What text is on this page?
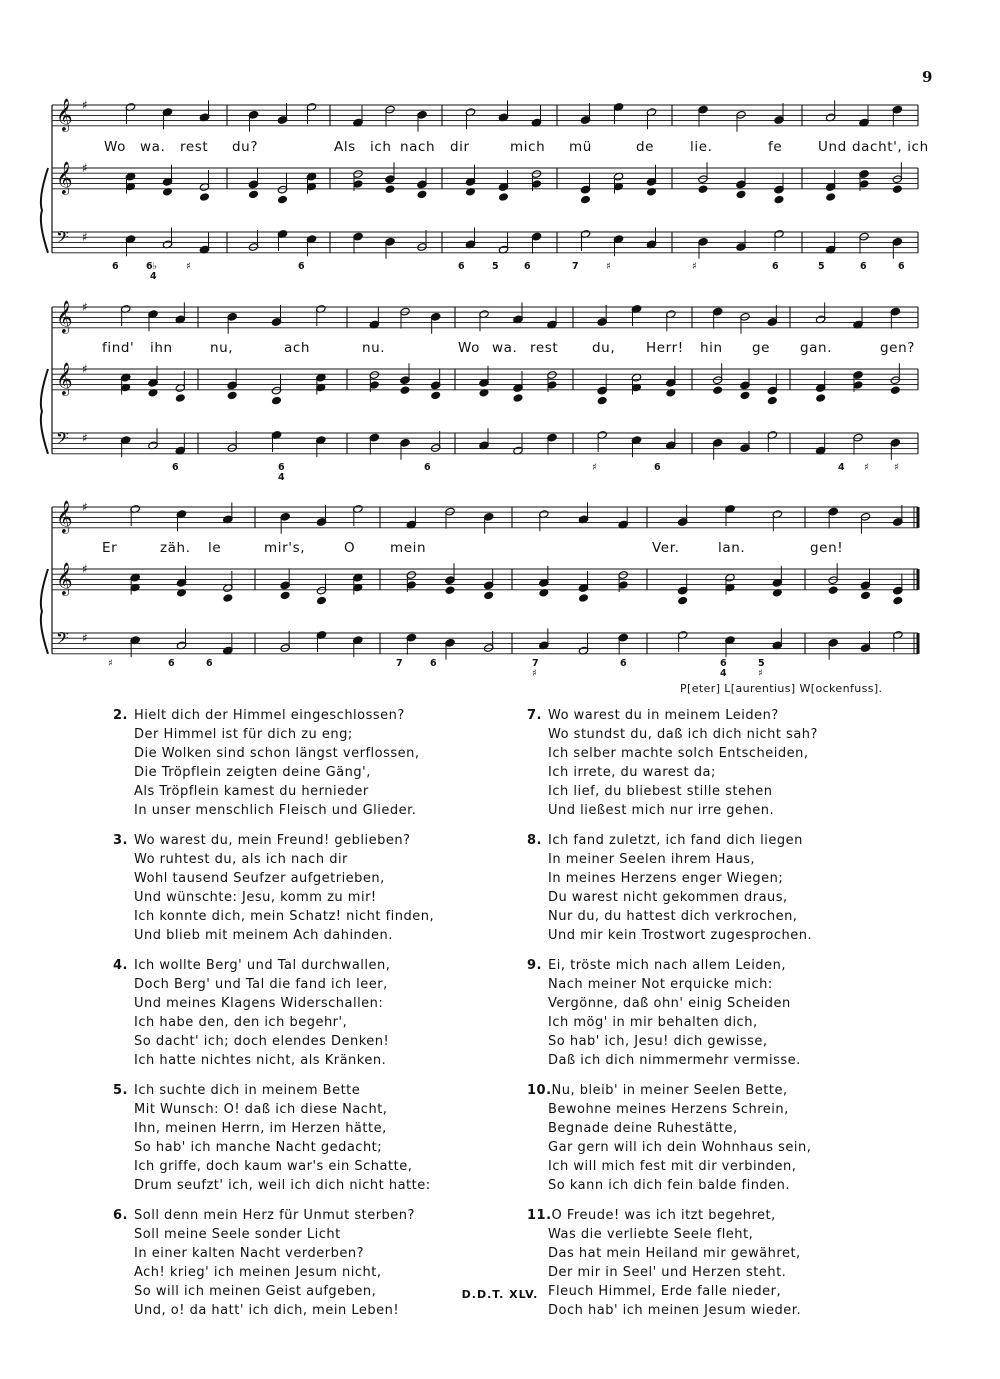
9
𝄞 ♯
𝄞 ♯
𝄢 ♯
Wo wa. rest du?	Als ich nach dir	mich mü	de	lie.	fe	Und dacht', ich
6	6♭
4
♯	6	6	5	6	7	♯	♯	6	5	6	6
𝄞 ♯
𝄞 ♯
𝄢 ♯
find' ihn	nu,	ach	nu.	Wo wa. rest du, Herr! hin ge gan.	gen?
6	6
4
6	♯	6	4 ♯	♯
𝄞 ♯
𝄞 ♯
𝄢 ♯
Er	zäh. le	mir's,	O	mein	Ver.	lan.	gen!
♯	6	6	7	6	7
♯
6	6
4
5
♯
P[eter] L[aurentius] W[ockenfuss].
2. Hielt dich der Himmel eingeschlossen?
Der Himmel ist für dich zu eng;
Die Wolken sind schon längst verflossen,
Die Tröpflein zeigten deine Gäng',
Als Tröpflein kamest du hernieder
In unser menschlich Fleisch und Glieder.
3. Wo warest du, mein Freund! geblieben?
Wo ruhtest du, als ich nach dir
Wohl tausend Seufzer aufgetrieben,
Und wünschte: Jesu, komm zu mir!
Ich konnte dich, mein Schatz! nicht finden,
Und blieb mit meinem Ach dahinden.
4. Ich wollte Berg' und Tal durchwallen,
Doch Berg' und Tal die fand ich leer,
Und meines Klagens Widerschallen:
Ich habe den, den ich begehr',
So dacht' ich; doch elendes Denken!
Ich hatte nichtes nicht, als Kränken.
5. Ich suchte dich in meinem Bette
Mit Wunsch: O! daß ich diese Nacht,
Ihn, meinen Herrn, im Herzen hätte,
So hab' ich manche Nacht gedacht;
Ich griffe, doch kaum war's ein Schatte,
Drum seufzt' ich, weil ich dich nicht hatte:
6. Soll denn mein Herz für Unmut sterben?
Soll meine Seele sonder Licht
In einer kalten Nacht verderben?
Ach! krieg' ich meinen Jesum nicht,
So will ich meinen Geist aufgeben,
Und, o! da hatt' ich dich, mein Leben!
7. Wo warest du in meinem Leiden?
Wo stundst du, daß ich dich nicht sah?
Ich selber machte solch Entscheiden,
Ich irrete, du warest da;
Ich lief, du bliebest stille stehen
Und ließest mich nur irre gehen.
8. Ich fand zuletzt, ich fand dich liegen
In meiner Seelen ihrem Haus,
In meines Herzens enger Wiegen;
Du warest nicht gekommen draus,
Nur du, du hattest dich verkrochen,
Und mir kein Trostwort zugesprochen.
9. Ei, tröste mich nach allem Leiden,
Nach meiner Not erquicke mich:
Vergönne, daß ohn' einig Scheiden
Ich mög' in mir behalten dich,
So hab' ich, Jesu! dich gewisse,
Daß ich dich nimmermehr vermisse.
10.Nu, bleib' in meiner Seelen Bette,
Bewohne meines Herzens Schrein,
Begnade deine Ruhestätte,
Gar gern will ich dein Wohnhaus sein,
Ich will mich fest mit dir verbinden,
So kann ich dich fein balde finden.
11.O Freude! was ich itzt begehret,
Was die verliebte Seele fleht,
Das hat mein Heiland mir gewähret,
Der mir in Seel' und Herzen steht.
Fleuch Himmel, Erde falle nieder,
Doch hab' ich meinen Jesum wieder.
D.D.T. XLV.
